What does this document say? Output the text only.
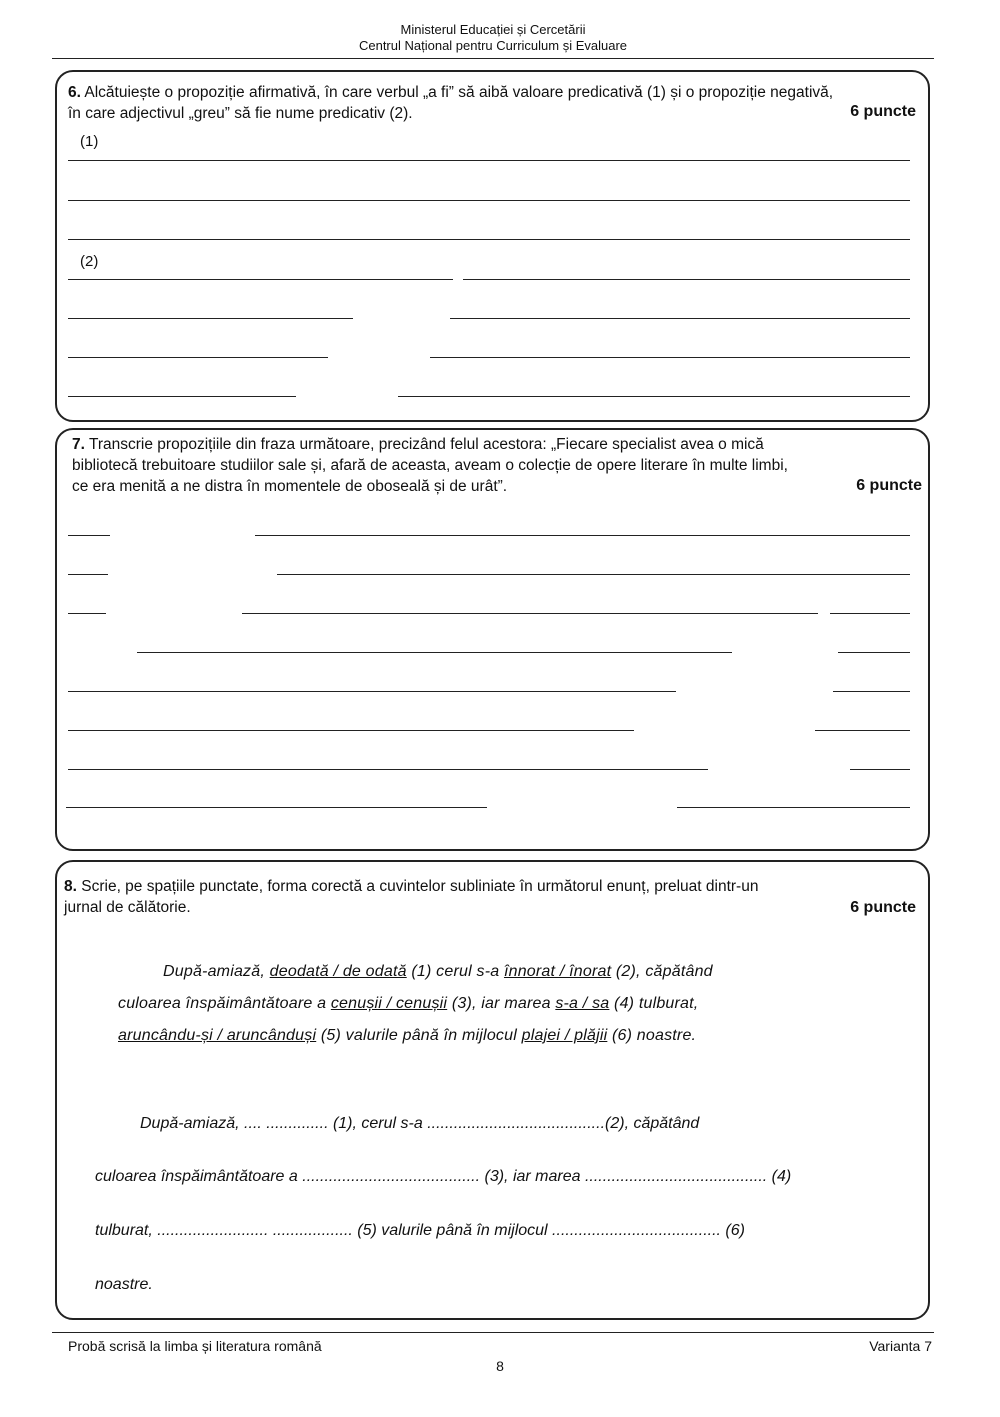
Ministerul Educației și Cercetării
Centrul Național pentru Curriculum și Evaluare
6. Alcătuiește o propoziție afirmativă, în care verbul „a fi” să aibă valoare predicativă (1) și o propoziție negativă,
în care adjectivul „greu” să fie nume predicativ (2).	6 puncte
(1)
(2)
7. Transcrie propozițiile din fraza următoare, precizând felul acestora: „Fiecare specialist avea o mică
bibliotecă trebuitoare studiilor sale și, afară de aceasta, aveam o colecție de opere literare în multe limbi,
ce era menită a ne distra în momentele de oboseală și de urât”.	6 puncte
8. Scrie, pe spațiile punctate, forma corectă a cuvintelor subliniate în următorul enunț, preluat dintr-un
jurnal de călătorie.	6 puncte
După-amiază, deodată / de odată (1) cerul s-a înnorat / înorat (2), căpătând
culoarea înspăimântătoare a cenușii / cenușii (3), iar marea s-a / sa (4) tulburat,
aruncându-și / aruncânduși (5) valurile până în mijlocul plajei / plăjii (6) noastre.
După-amiază, .... .............. (1), cerul s-a ........................................(2), căpătând
culoarea înspăimântătoare a ........................................ (3), iar marea ......................................... (4)
tulburat, ......................... .................. (5) valurile până în mijlocul ...................................... (6)
noastre.
Probă scrisă la limba și literatura română	Varianta 7
8
